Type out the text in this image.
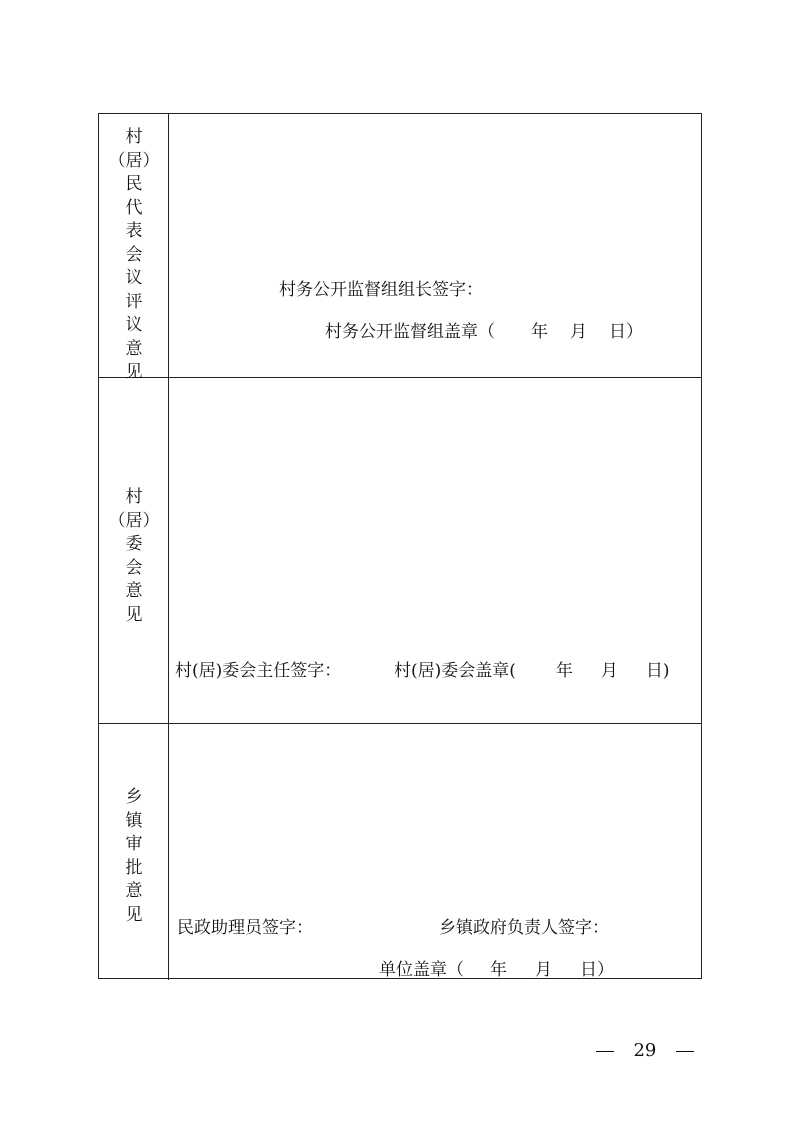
村
（居）
民
代
表
会
议
评
议
意
见
村务公开监督组组长签字：
村务公开监督组盖章（ 年 月 日）
村
（居）
委
会
意
见
村(居)委会主任签字：	村(居)委会盖章( 年 月 日)
乡
镇
审
批
意
见
民政助理员签字：	乡镇政府负责人签字：
单位盖章（ 年 月 日）
29
